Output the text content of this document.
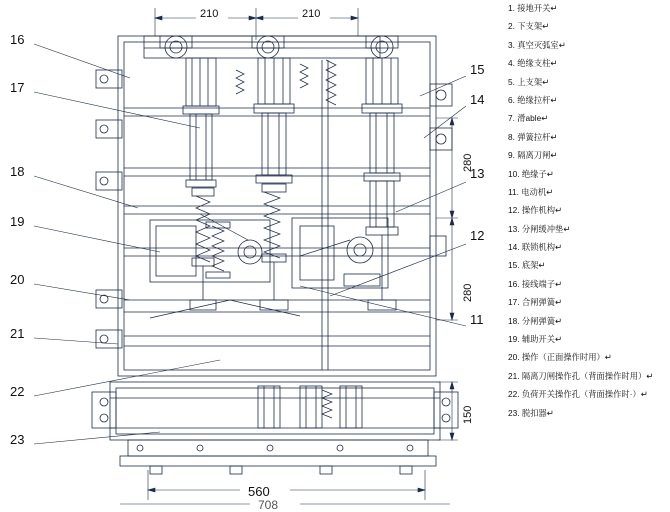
210	210
560
708
280
280
150
16
17
18
19
20
21
22
23
15
14
13
12
11
1. 接地开关↵
2. 下支架↵
3. 真空灭弧室↵
4. 绝缘支柱↵
5. 上支架↵
6. 绝缘拉杆↵
7. 滑able↵
8. 弹簧拉杆↵
9. 隔离刀闸↵
10. 绝缘子↵
11. 电动机↵
12. 操作机构↵
13. 分闸缓冲垫↵
14. 联锁机构↵
15. 底架↵
16. 接线端子↵
17. 合闸弹簧↵
18. 分闸弹簧↵
19. 辅助开关↵
20. 操作（正面操作时用）↵
21. 隔离刀闸操作孔（背面操作时用）↵
22. 负荷开关操作孔（背面操作时·）↵
23. 脱扣器↵
